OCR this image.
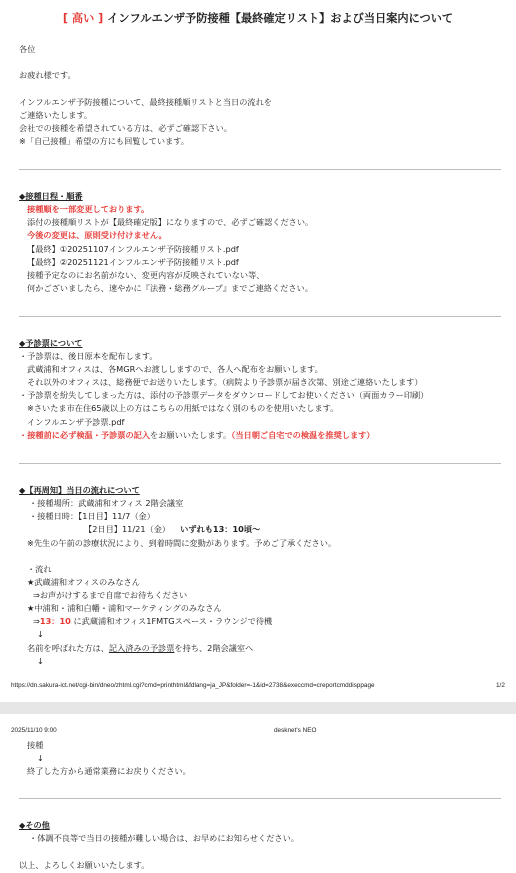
[ 高い ] インフルエンザ予防接種【最終確定リスト】および当日案内について
各位
お疲れ様です。
インフルエンザ予防接種について、最終接種順リストと当日の流れを
ご連絡いたします。
会社での接種を希望されている方は、必ずご確認下さい。
※「自己接種」希望の方にも回覧しています。
◆接種日程・順番
接種順を一部変更しております。
添付の接種順リストが【最終確定版】になりますので、必ずご確認ください。
今後の変更は、原則受け付けません。
【最終】①20251107インフルエンザ予防接種リスト.pdf
【最終】②20251121インフルエンザ予防接種リスト.pdf
接種予定なのにお名前がない、変更内容が反映されていない等、
何かございましたら、速やかに『法務・総務グループ』までご連絡ください。
◆予診票について
・予診票は、後日原本を配布します。
武蔵浦和オフィスは、各MGRへお渡ししますので、各人へ配布をお願いします。
それ以外のオフィスは、総務便でお送りいたします。（病院より予診票が届き次第、別途ご連絡いたします）
・予診票を紛失してしまった方は、添付の予診票データをダウンロードしてお使いください（両面カラー印刷）
※さいたま市在住65歳以上の方はこちらの用紙ではなく別のものを使用いたします。
インフルエンザ予診票.pdf
・接種前に必ず検温・予診票の記入をお願いいたします。（当日朝ご自宅での検温を推奨します）
◆【再周知】当日の流れについて
・接種場所：武蔵浦和オフィス 2階会議室
・接種日時：【1日目】11/7（金）
【2日目】11/21（金） いずれも13：10頃〜
※先生の午前の診療状況により、到着時間に変動があります。予めご了承ください。
・流れ
★武蔵浦和オフィスのみなさん
⇒お声がけするまで自席でお待ちください
★中浦和・浦和白幡・浦和マーケティングのみなさん
⇒13：10 に武蔵浦和オフィス1FMTGスペース・ラウンジで待機
↓
名前を呼ばれた方は、記入済みの予診票を持ち、2階会議室へ
↓
https://dn.sakura-ict.net/cgi-bin/dneo/zhtml.cgi?cmd=printhtml&fdlang=ja_JP&folder=-1&id=2738&execcmd=creportcmddisppage	1/2
2025/11/10 9:00	desknet's NEO
接種
↓
終了した方から通常業務にお戻りください。
◆その他
・体調不良等で当日の接種が難しい場合は、お早めにお知らせください。
以上、よろしくお願いいたします。
